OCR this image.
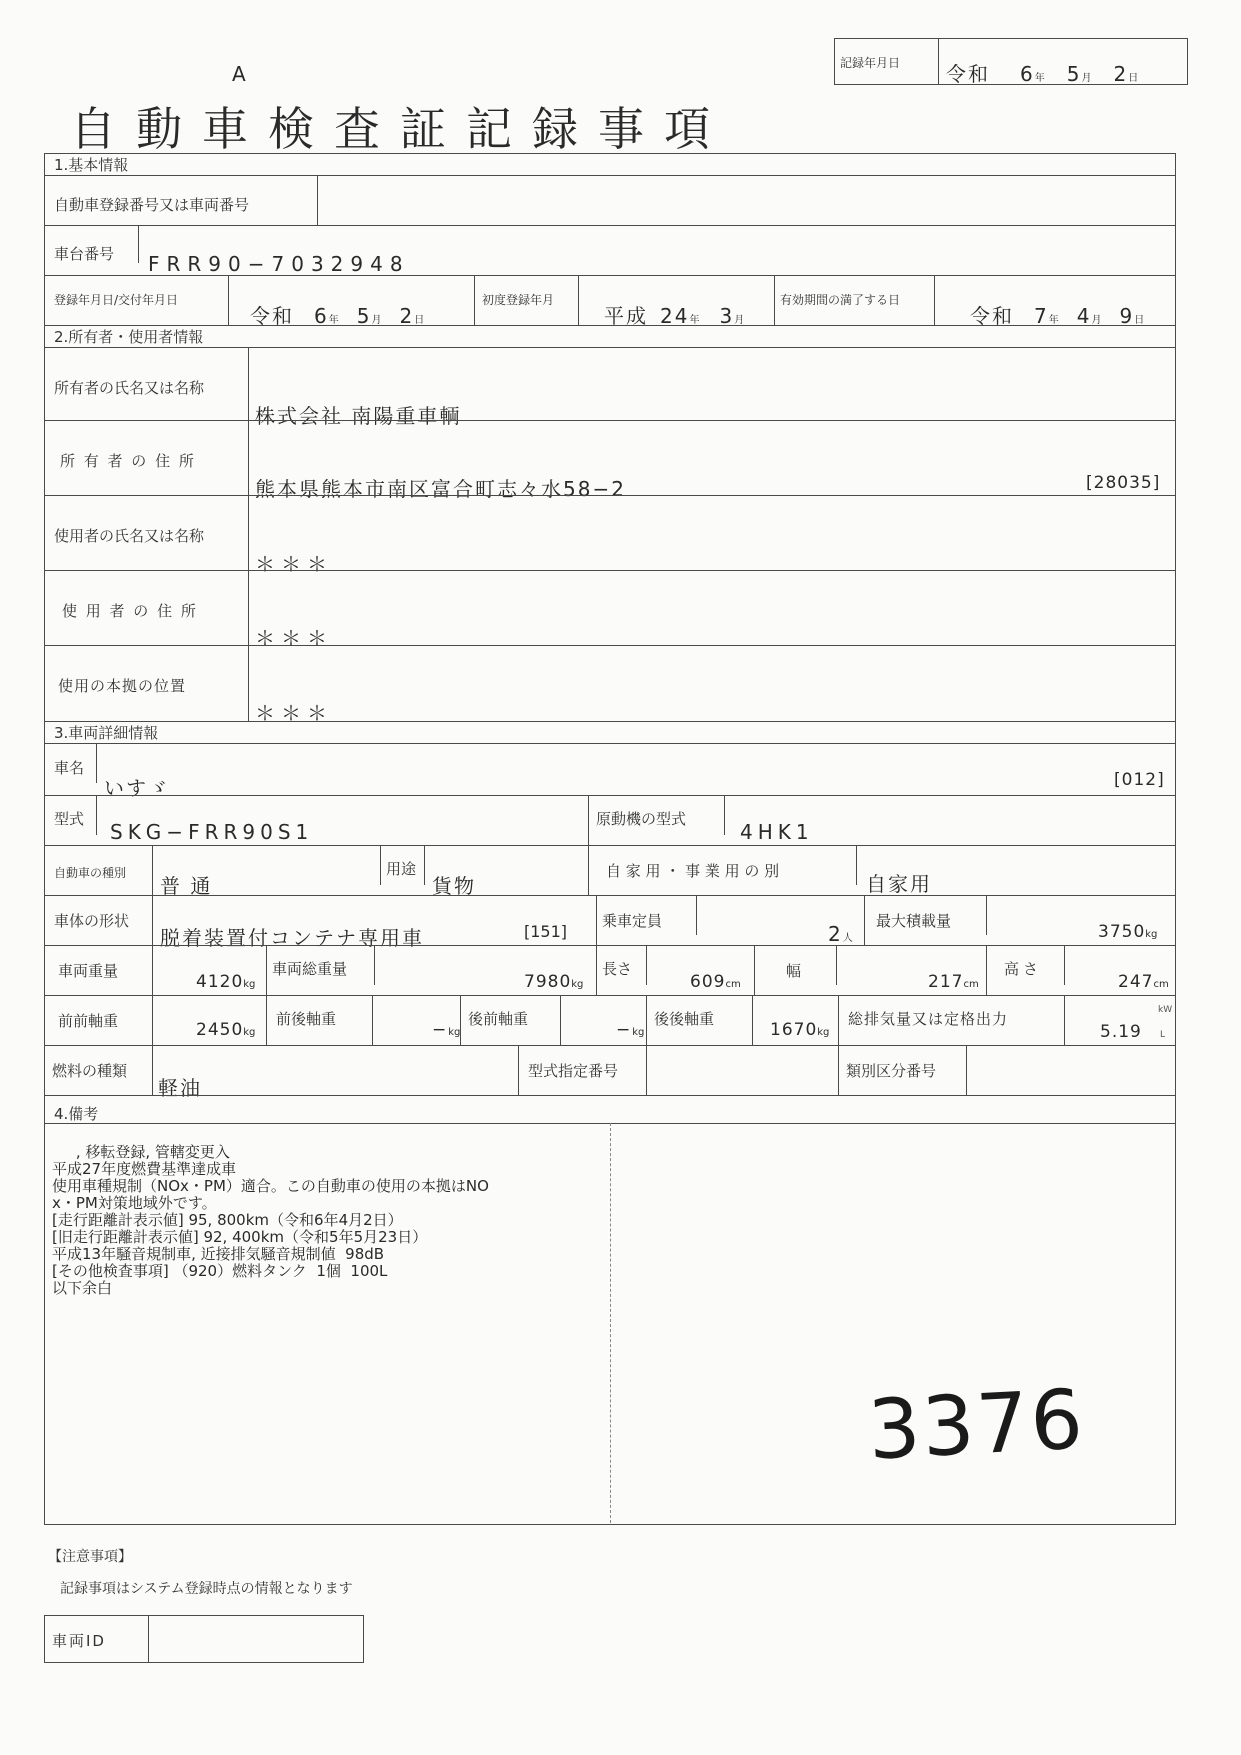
A	記録年月日 令和 6年 5月 2日
自動車検査証記録事項
1.基本情報
自動車登録番号又は車両番号
車台番号 FRR90−7032948
登録年月日/交付年月日
令和 6年 5月 2日
初度登録年月
平成 24年 3月
有効期間の満了する日
令和 7年 4月 9日
2.所有者・使用者情報
所有者の氏名又は名称
株式会社 南陽重車輌
所 有 者 の 住 所
熊本県熊本市南区富合町志々水58−2	[28035]
使用者の氏名又は名称
＊＊＊
使 用 者 の 住 所
＊＊＊
使用の本拠の位置
＊＊＊
3.車両詳細情報
車名
いすゞ	[012]
型式
SKG−FRR90S1
原動機の型式
4HK1
自動車の種別
普 通
用途
貨物
自 家 用 ・ 事 業 用 の 別
自家用
車体の形状
脱着装置付コンテナ専用車	[151]
乗車定員
2人
最大積載量
3750kg
車両重量
4120kg
車両総重量
7980kg
長さ
609cm
幅
217cm
高さ
247cm
前前軸重	2450kg
前後軸重
−kg
後前軸重
−kg
後後軸重
1670kg
総排気量又は定格出力
5.19
kW
L
燃料の種類
軽油
型式指定番号	類別区分番号
4.備考

, 移転登録, 管轄変更入
平成27年度燃費基準達成車
使用車種規制（NOx・PM）適合。この自動車の使用の本拠はNO
x・PM対策地域外です。
[走行距離計表示値] 95, 800km（令和6年4月2日）
[旧走行距離計表示値] 92, 400km（令和5年5月23日）
平成13年騒音規制車, 近接排気騒音規制値  98dB
[その他検査事項] （920）燃料タンク  1個  100L
以下余白

3376
【注意事項】
記録事項はシステム登録時点の情報となります
車両ID
